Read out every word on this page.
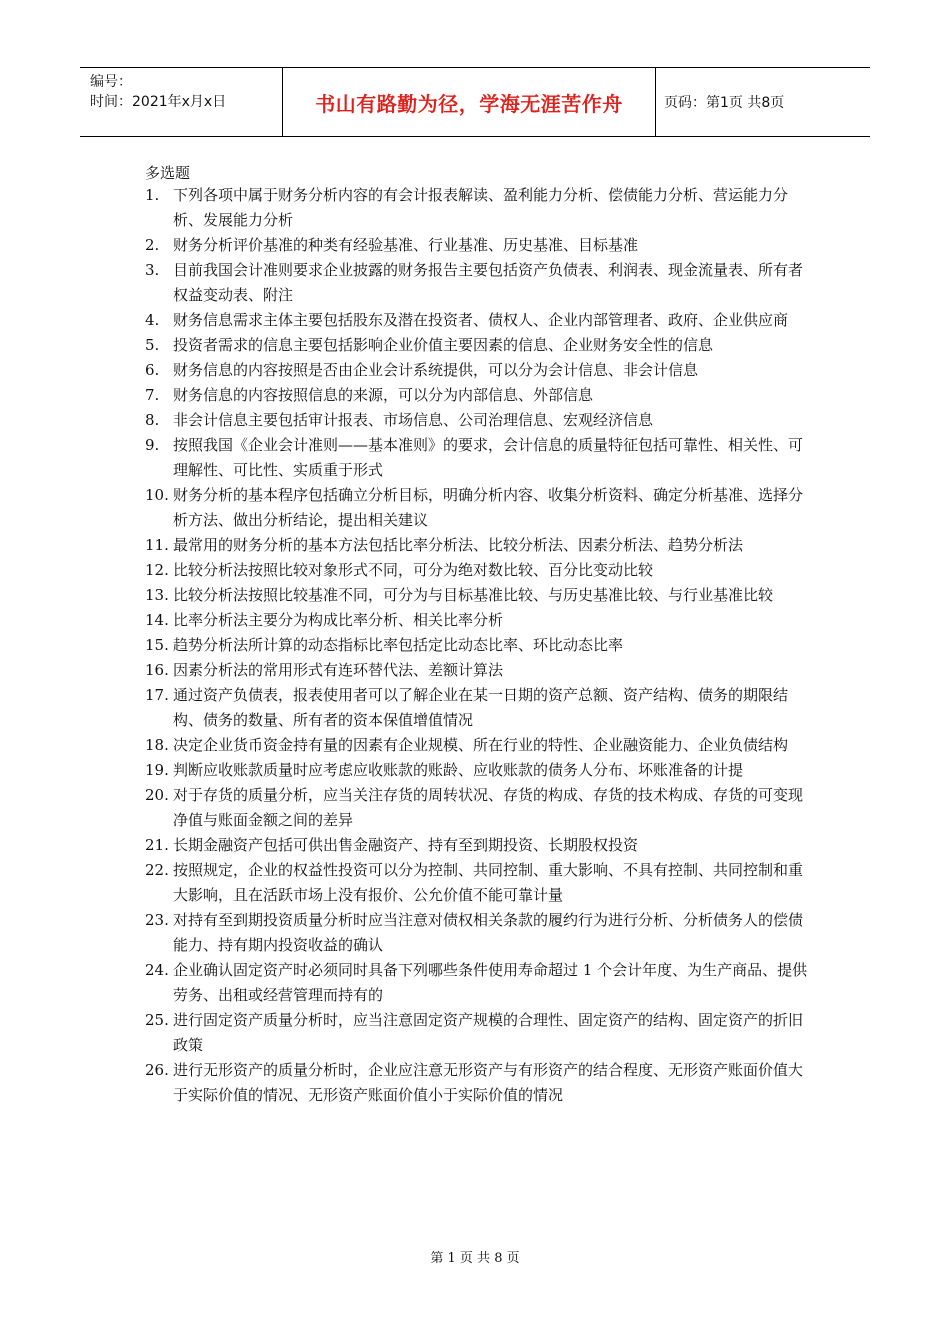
编号：
时间：2021年x月x日	书山有路勤为径，学海无涯苦作舟	页码：第1页 共8页
多选题
1. 下列各项中属于财务分析内容的有会计报表解读、盈利能力分析、偿债能力分析、营运能力分析、发展能力分析
2. 财务分析评价基准的种类有经验基准、行业基准、历史基准、目标基准
3. 目前我国会计准则要求企业披露的财务报告主要包括资产负债表、利润表、现金流量表、所有者权益变动表、附注
4. 财务信息需求主体主要包括股东及潜在投资者、债权人、企业内部管理者、政府、企业供应商
5. 投资者需求的信息主要包括影响企业价值主要因素的信息、企业财务安全性的信息
6. 财务信息的内容按照是否由企业会计系统提供，可以分为会计信息、非会计信息
7. 财务信息的内容按照信息的来源，可以分为内部信息、外部信息
8. 非会计信息主要包括审计报表、市场信息、公司治理信息、宏观经济信息
9. 按照我国《企业会计准则——基本准则》的要求，会计信息的质量特征包括可靠性、相关性、可理解性、可比性、实质重于形式
10. 财务分析的基本程序包括确立分析目标，明确分析内容、收集分析资料、确定分析基准、选择分析方法、做出分析结论，提出相关建议
11. 最常用的财务分析的基本方法包括比率分析法、比较分析法、因素分析法、趋势分析法
12. 比较分析法按照比较对象形式不同，可分为绝对数比较、百分比变动比较
13. 比较分析法按照比较基准不同，可分为与目标基准比较、与历史基准比较、与行业基准比较
14. 比率分析法主要分为构成比率分析、相关比率分析
15. 趋势分析法所计算的动态指标比率包括定比动态比率、环比动态比率
16. 因素分析法的常用形式有连环替代法、差额计算法
17. 通过资产负债表，报表使用者可以了解企业在某一日期的资产总额、资产结构、债务的期限结构、债务的数量、所有者的资本保值增值情况
18. 决定企业货币资金持有量的因素有企业规模、所在行业的特性、企业融资能力、企业负债结构
19. 判断应收账款质量时应考虑应收账款的账龄、应收账款的债务人分布、坏账准备的计提
20. 对于存货的质量分析，应当关注存货的周转状况、存货的构成、存货的技术构成、存货的可变现净值与账面金额之间的差异
21. 长期金融资产包括可供出售金融资产、持有至到期投资、长期股权投资
22. 按照规定，企业的权益性投资可以分为控制、共同控制、重大影响、不具有控制、共同控制和重大影响，且在活跃市场上没有报价、公允价值不能可靠计量
23. 对持有至到期投资质量分析时应当注意对债权相关条款的履约行为进行分析、分析债务人的偿债能力、持有期内投资收益的确认
24. 企业确认固定资产时必须同时具备下列哪些条件使用寿命超过 1 个会计年度、为生产商品、提供劳务、出租或经营管理而持有的
25. 进行固定资产质量分析时，应当注意固定资产规模的合理性、固定资产的结构、固定资产的折旧政策
26. 进行无形资产的质量分析时，企业应注意无形资产与有形资产的结合程度、无形资产账面价值大于实际价值的情况、无形资产账面价值小于实际价值的情况
第 1 页 共 8 页
